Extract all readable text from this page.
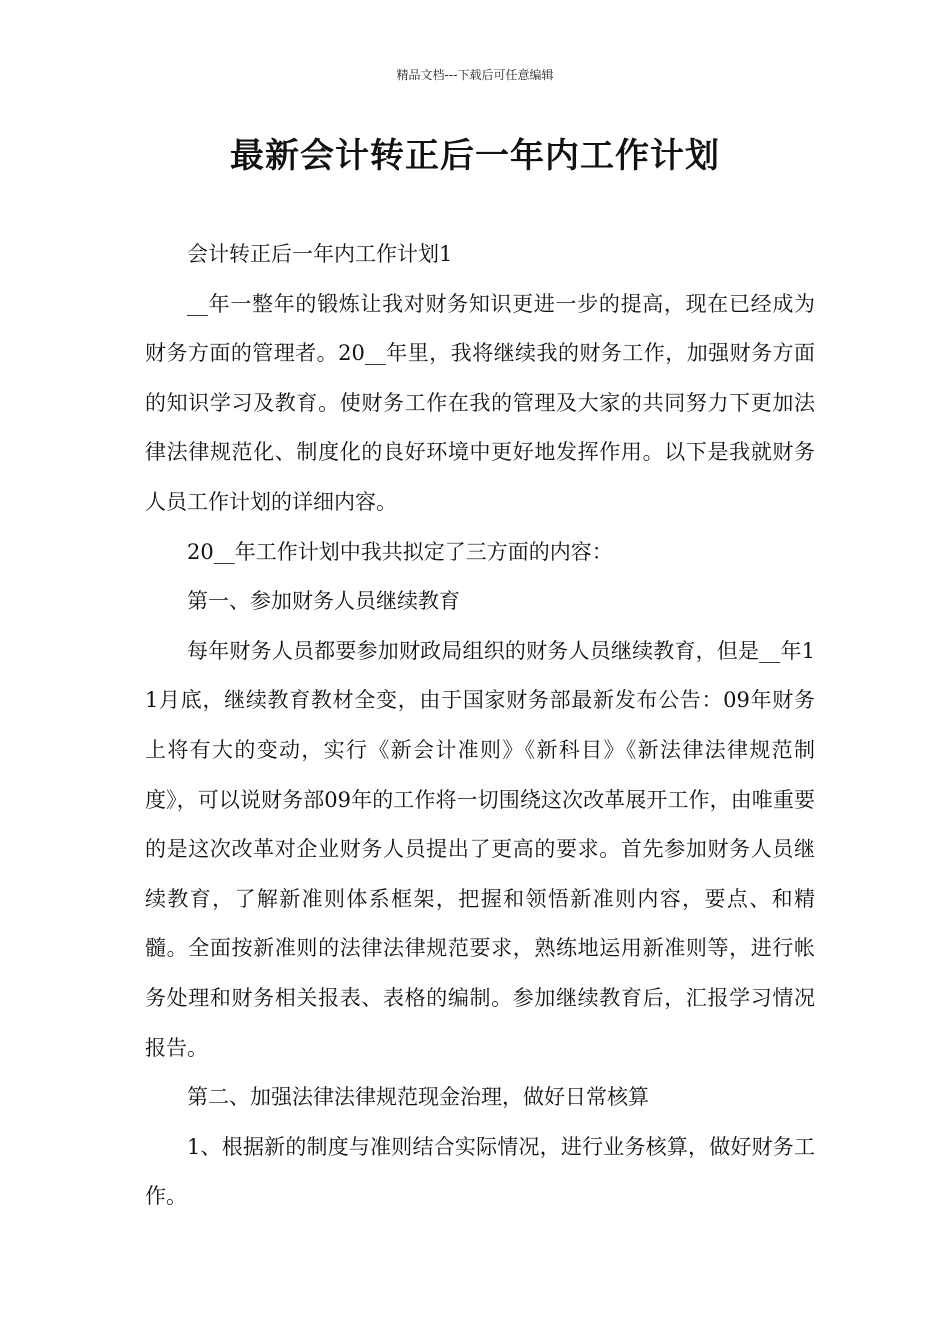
精品文档---下载后可任意编辑
最新会计转正后一年内工作计划

会计转正后一年内工作计划1

__年一整年的锻炼让我对财务知识更进一步的提高，现在已经成为财务方面的管理者。20__年里，我将继续我的财务工作，加强财务方面的知识学习及教育。使财务工作在我的管理及大家的共同努力下更加法律法律规范化、制度化的良好环境中更好地发挥作用。以下是我就财务人员工作计划的详细内容。

20__年工作计划中我共拟定了三方面的内容：

第一、参加财务人员继续教育

每年财务人员都要参加财政局组织的财务人员继续教育，但是__年11月底，继续教育教材全变，由于国家财务部最新发布公告：09年财务上将有大的变动，实行《新会计准则》《新科目》《新法律法律规范制度》，可以说财务部09年的工作将一切围绕这次改革展开工作，由唯重要的是这次改革对企业财务人员提出了更高的要求。首先参加财务人员继续教育，了解新准则体系框架，把握和领悟新准则内容，要点、和精髓。全面按新准则的法律法律规范要求，熟练地运用新准则等，进行帐务处理和财务相关报表、表格的编制。参加继续教育后，汇报学习情况报告。

第二、加强法律法律规范现金治理，做好日常核算

1、根据新的制度与准则结合实际情况，进行业务核算，做好财务工作。
